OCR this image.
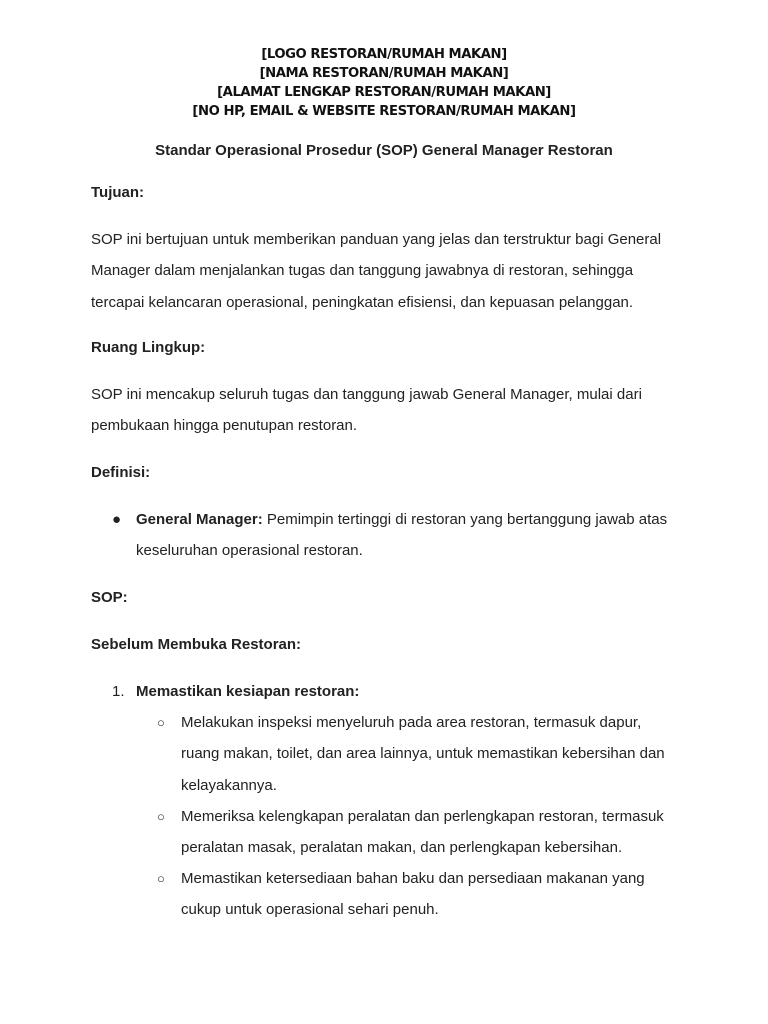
[LOGO RESTORAN/RUMAH MAKAN]
[NAMA RESTORAN/RUMAH MAKAN]
[ALAMAT LENGKAP RESTORAN/RUMAH MAKAN]
[NO HP, EMAIL & WEBSITE RESTORAN/RUMAH MAKAN]
Standar Operasional Prosedur (SOP) General Manager Restoran
Tujuan:
SOP ini bertujuan untuk memberikan panduan yang jelas dan terstruktur bagi General
Manager dalam menjalankan tugas dan tanggung jawabnya di restoran, sehingga
tercapai kelancaran operasional, peningkatan efisiensi, dan kepuasan pelanggan.
Ruang Lingkup:
SOP ini mencakup seluruh tugas dan tanggung jawab General Manager, mulai dari
pembukaan hingga penutupan restoran.
Definisi:
● General Manager: Pemimpin tertinggi di restoran yang bertanggung jawab atas
keseluruhan operasional restoran.
SOP:
Sebelum Membuka Restoran:
1. Memastikan kesiapan restoran:
○ Melakukan inspeksi menyeluruh pada area restoran, termasuk dapur,
ruang makan, toilet, dan area lainnya, untuk memastikan kebersihan dan
kelayakannya.
○ Memeriksa kelengkapan peralatan dan perlengkapan restoran, termasuk
peralatan masak, peralatan makan, dan perlengkapan kebersihan.
○ Memastikan ketersediaan bahan baku dan persediaan makanan yang
cukup untuk operasional sehari penuh.
